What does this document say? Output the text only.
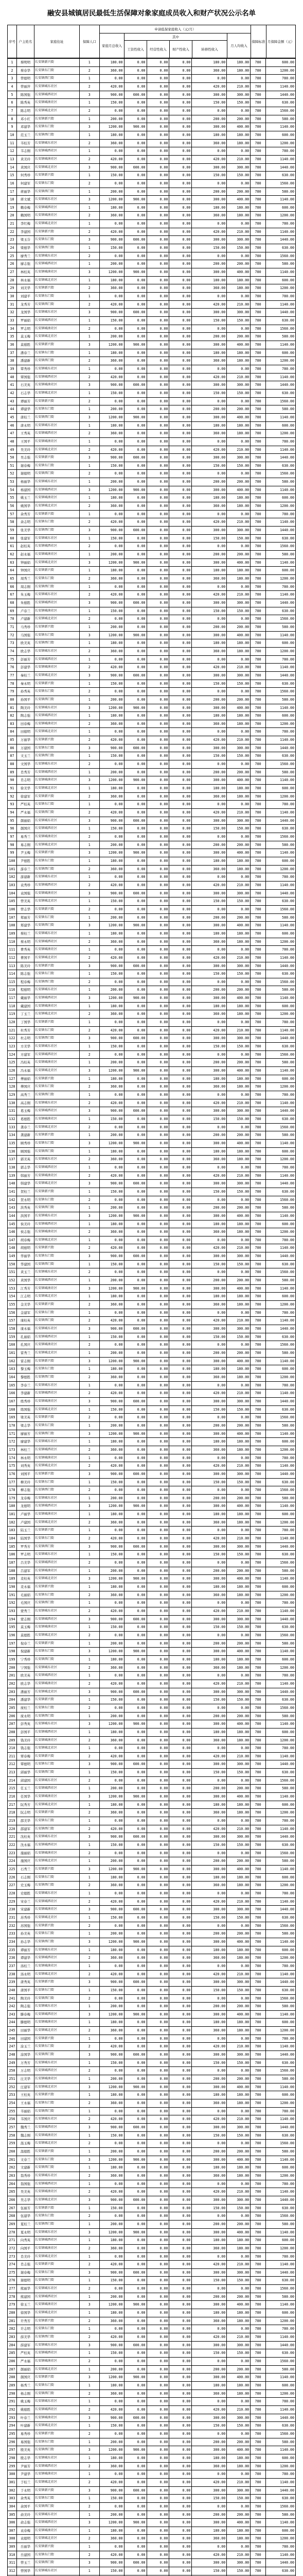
融安县城镇居民最低生活保障对象家庭成员收入和财产状况公示名单
序号	户主姓名	家庭住址	保障人口
申请低保家庭收入（元/月）
家庭月总收入
其中
工资性收入	经营性收入	财产性收入	转移性收入
月人均收入
保障标准 月保障金额（元）
1	蔡明明	长安镇新兴街	1	180.00	0.00	0.00	0.00	180.00	180.00	780	600.00
2	蔡春华	长安镇东门街	2	360.00	0.00	0.00	0.00	360.00	180.00	780	1200.00
3	曾德明	长安镇西门街	1	0.00	0.00	0.00	0.00	0.00	0.00	780	780.00
4	曾丽萍	长安镇城东社区	2	420.00	0.00	0.00	0.00	420.00	210.00	780	1140.00
5	陈国强	长安镇城西社区	3	900.00	600.00	0.00	0.00	300.00	300.00	780	1440.00
6	陈秀英	长安镇城南社区	1	150.00	0.00	0.00	0.00	150.00	150.00	780	630.00
7	陈志明	长安镇城北社区	2	0.00	0.00	0.00	0.00	0.00	0.00	780	1560.00
8	邓小红	长安镇新兴街	1	200.00	0.00	0.00	0.00	200.00	200.00	780	580.00
9	邓建华	长安镇东门街	3	1200.00	900.00	0.00	0.00	300.00	400.00	780	1140.00
10	范玉兰	长安镇西门街	1	180.00	0.00	0.00	0.00	180.00	180.00	780	600.00
11	韦桂芳	长安镇城东社区	2	360.00	0.00	0.00	0.00	360.00	180.00	780	1200.00
12	韦志刚	长安镇城西社区	1	0.00	0.00	0.00	0.00	0.00	0.00	780	780.00
13	黄美玲	长安镇城南社区	2	420.00	0.00	0.00	0.00	420.00	210.00	780	1140.00
14	黄国庆	长安镇城北社区	3	900.00	600.00	0.00	0.00	300.00	300.00	780	1440.00
15	何秀珍	长安镇新兴街	1	150.00	0.00	0.00	0.00	150.00	150.00	780	630.00
16	何建军	长安镇东门街	2	0.00	0.00	0.00	0.00	0.00	0.00	780	1560.00
17	蒋丽华	长安镇西门街	1	200.00	0.00	0.00	0.00	200.00	200.00	780	580.00
18	蒋文斌	长安镇城东社区	3	1200.00	900.00	0.00	0.00	300.00	400.00	780	1140.00
19	赖春梅	长安镇城西社区	1	180.00	0.00	0.00	0.00	180.00	180.00	780	600.00
20	赖国明	长安镇城南社区	2	360.00	0.00	0.00	0.00	360.00	180.00	780	1200.00
21	李红梅	长安镇城北社区	1	0.00	0.00	0.00	0.00	0.00	0.00	780	780.00
22	李建国	长安镇新兴街	2	420.00	0.00	0.00	0.00	420.00	210.00	780	1140.00
23	梁玉芬	长安镇东门街	3	900.00	600.00	0.00	0.00	300.00	300.00	780	1440.00
24	梁德华	长安镇西门街	1	150.00	0.00	0.00	0.00	150.00	150.00	780	630.00
25	廖秀兰	长安镇城东社区	2	0.00	0.00	0.00	0.00	0.00	0.00	780	1560.00
26	廖志强	长安镇城西社区	1	200.00	0.00	0.00	0.00	200.00	200.00	780	580.00
27	林桂英	长安镇城南社区	3	1200.00	900.00	0.00	0.00	300.00	400.00	780	1140.00
28	林永福	长安镇城北社区	1	180.00	0.00	0.00	0.00	180.00	180.00	780	600.00
29	刘美华	长安镇新兴街	2	360.00	0.00	0.00	0.00	360.00	180.00	780	1200.00
30	刘建平	长安镇东门街	1	0.00	0.00	0.00	0.00	0.00	0.00	780	780.00
31	龙秀芳	长安镇西门街	2	420.00	0.00	0.00	0.00	420.00	210.00	780	1140.00
32	龙国华	长安镇城东社区	3	900.00	600.00	0.00	0.00	300.00	300.00	780	1440.00
33	罗丽娟	长安镇城西社区	1	150.00	0.00	0.00	0.00	150.00	150.00	780	630.00
34	罗志明	长安镇城南社区	2	0.00	0.00	0.00	0.00	0.00	0.00	780	1560.00
35	莫玉梅	长安镇城北社区	1	200.00	0.00	0.00	0.00	200.00	200.00	780	580.00
36	莫德胜	长安镇新兴街	3	1200.00	900.00	0.00	0.00	300.00	400.00	780	1140.00
37	潘春兰	长安镇东门街	1	180.00	0.00	0.00	0.00	180.00	180.00	780	600.00
38	潘建新	长安镇西门街	2	360.00	0.00	0.00	0.00	360.00	180.00	780	1200.00
39	覃秀珍	长安镇城东社区	1	0.00	0.00	0.00	0.00	0.00	0.00	780	780.00
40	覃国强	长安镇城西社区	2	420.00	0.00	0.00	0.00	420.00	210.00	780	1140.00
41	石美英	长安镇城南社区	3	900.00	600.00	0.00	0.00	300.00	300.00	780	1440.00
42	石志华	长安镇城北社区	1	150.00	0.00	0.00	0.00	150.00	150.00	780	630.00
43	谭丽芳	长安镇新兴街	2	0.00	0.00	0.00	0.00	0.00	0.00	780	1560.00
44	谭建华	长安镇东门街	1	200.00	0.00	0.00	0.00	200.00	200.00	780	580.00
45	唐桂兰	长安镇西门街	3	1200.00	900.00	0.00	0.00	300.00	400.00	780	1140.00
46	唐永明	长安镇城东社区	1	180.00	0.00	0.00	0.00	180.00	180.00	780	600.00
47	王秀英	长安镇城西社区	2	360.00	0.00	0.00	0.00	360.00	180.00	780	1200.00
48	王国平	长安镇城南社区	1	0.00	0.00	0.00	0.00	0.00	0.00	780	780.00
49	吴美玲	长安镇城北社区	2	420.00	0.00	0.00	0.00	420.00	210.00	780	1140.00
50	吴志强	长安镇新兴街	3	900.00	600.00	0.00	0.00	300.00	300.00	780	1440.00
51	谢春梅	长安镇东门街	1	150.00	0.00	0.00	0.00	150.00	150.00	780	630.00
52	谢德明	长安镇西门街	2	0.00	0.00	0.00	0.00	0.00	0.00	780	1560.00
53	杨丽华	长安镇城东社区	1	200.00	0.00	0.00	0.00	200.00	200.00	780	580.00
54	杨建国	长安镇城西社区	3	1200.00	900.00	0.00	0.00	300.00	400.00	780	1140.00
55	姚玉兰	长安镇城南社区	1	180.00	0.00	0.00	0.00	180.00	180.00	780	600.00
56	姚国华	长安镇城北社区	2	360.00	0.00	0.00	0.00	360.00	180.00	780	1200.00
57	余秀芳	长安镇新兴街	1	0.00	0.00	0.00	0.00	0.00	0.00	780	780.00
58	余志明	长安镇东门街	2	420.00	0.00	0.00	0.00	420.00	210.00	780	1140.00
59	张美华	长安镇西门街	3	900.00	600.00	0.00	0.00	300.00	300.00	780	1440.00
60	张建军	长安镇城东社区	1	150.00	0.00	0.00	0.00	150.00	150.00	780	630.00
61	赵桂英	长安镇城西社区	2	0.00	0.00	0.00	0.00	0.00	0.00	780	1560.00
62	赵永福	长安镇城南社区	1	200.00	0.00	0.00	0.00	200.00	200.00	780	580.00
63	钟丽娟	长安镇城北社区	3	1200.00	900.00	0.00	0.00	300.00	400.00	780	1140.00
64	钟国庆	长安镇新兴街	1	180.00	0.00	0.00	0.00	180.00	180.00	780	600.00
65	周秀兰	长安镇东门街	2	360.00	0.00	0.00	0.00	360.00	180.00	780	1200.00
66	周志刚	长安镇西门街	1	0.00	0.00	0.00	0.00	0.00	0.00	780	780.00
67	朱玉梅	长安镇城东社区	2	420.00	0.00	0.00	0.00	420.00	210.00	780	1140.00
68	朱德胜	长安镇城西社区	3	900.00	600.00	0.00	0.00	300.00	300.00	780	1440.00
69	卢春兰	长安镇城南社区	1	150.00	0.00	0.00	0.00	150.00	150.00	780	630.00
70	卢建新	长安镇城北社区	2	0.00	0.00	0.00	0.00	0.00	0.00	780	1560.00
71	马秀珍	长安镇新兴街	1	200.00	0.00	0.00	0.00	200.00	200.00	780	580.00
72	马国强	长安镇东门街	3	1200.00	900.00	0.00	0.00	300.00	400.00	780	1140.00
73	欧美英	长安镇西门街	1	180.00	0.00	0.00	0.00	180.00	180.00	780	600.00
74	欧志华	长安镇城东社区	2	360.00	0.00	0.00	0.00	360.00	180.00	780	1200.00
75	彭丽芳	长安镇城西社区	1	0.00	0.00	0.00	0.00	0.00	0.00	780	780.00
76	彭建华	长安镇城南社区	2	420.00	0.00	0.00	0.00	420.00	210.00	780	1140.00
77	秦桂兰	长安镇城北社区	3	900.00	600.00	0.00	0.00	300.00	300.00	780	1440.00
78	秦永明	长安镇新兴街	1	150.00	0.00	0.00	0.00	150.00	150.00	780	630.00
79	孙秀英	长安镇东门街	2	0.00	0.00	0.00	0.00	0.00	0.00	780	1560.00
80	孙国平	长安镇西门街	1	200.00	0.00	0.00	0.00	200.00	200.00	780	580.00
81	陶美玲	长安镇城东社区	3	1200.00	900.00	0.00	0.00	300.00	400.00	780	1140.00
82	陶志强	长安镇城西社区	1	180.00	0.00	0.00	0.00	180.00	180.00	780	600.00
83	田春梅	长安镇城南社区	2	360.00	0.00	0.00	0.00	360.00	180.00	780	1200.00
84	田德明	长安镇城北社区	1	0.00	0.00	0.00	0.00	0.00	0.00	780	780.00
85	万丽华	长安镇新兴街	2	420.00	0.00	0.00	0.00	420.00	210.00	780	1140.00
86	万建国	长安镇东门街	3	900.00	600.00	0.00	0.00	300.00	300.00	780	1440.00
87	文玉兰	长安镇西门街	1	150.00	0.00	0.00	0.00	150.00	150.00	780	630.00
88	文国华	长安镇城东社区	2	0.00	0.00	0.00	0.00	0.00	0.00	780	1560.00
89	肖秀芳	长安镇城西社区	1	200.00	0.00	0.00	0.00	200.00	200.00	780	580.00
90	肖志明	长安镇城南社区	3	1200.00	900.00	0.00	0.00	300.00	400.00	780	1140.00
91	徐美华	长安镇城北社区	1	180.00	0.00	0.00	0.00	180.00	180.00	780	600.00
92	徐建军	长安镇新兴街	2	360.00	0.00	0.00	0.00	360.00	180.00	780	1200.00
93	严桂英	长安镇东门街	1	0.00	0.00	0.00	0.00	0.00	0.00	780	780.00
94	严永福	长安镇西门街	2	420.00	0.00	0.00	0.00	420.00	210.00	780	1140.00
95	颜丽娟	长安镇城东社区	3	900.00	600.00	0.00	0.00	300.00	300.00	780	1440.00
96	颜国庆	长安镇城西社区	1	150.00	0.00	0.00	0.00	150.00	150.00	780	630.00
97	易秀兰	长安镇城南社区	2	0.00	0.00	0.00	0.00	0.00	0.00	780	1560.00
98	易志刚	长安镇城北社区	1	200.00	0.00	0.00	0.00	200.00	200.00	780	580.00
99	尹玉梅	长安镇新兴街	3	1200.00	900.00	0.00	0.00	300.00	400.00	780	1140.00
100	尹德胜	长安镇东门街	1	180.00	0.00	0.00	0.00	180.00	180.00	780	600.00
101	游春兰	长安镇西门街	2	360.00	0.00	0.00	0.00	360.00	180.00	780	1200.00
102	游建新	长安镇城东社区	1	0.00	0.00	0.00	0.00	0.00	0.00	780	780.00
103	袁秀珍	长安镇城西社区	2	420.00	0.00	0.00	0.00	420.00	210.00	780	1140.00
104	袁国强	长安镇城南社区	3	900.00	600.00	0.00	0.00	300.00	300.00	780	1440.00
105	曾美英	长安镇城北社区	1	150.00	0.00	0.00	0.00	150.00	150.00	780	630.00
106	曾志华	长安镇新兴街	2	0.00	0.00	0.00	0.00	0.00	0.00	780	1560.00
107	郑丽芳	长安镇东门街	1	200.00	0.00	0.00	0.00	200.00	200.00	780	580.00
108	郑建华	长安镇西门街	3	1200.00	900.00	0.00	0.00	300.00	400.00	780	1140.00
109	蔡桂兰	长安镇城东社区	1	180.00	0.00	0.00	0.00	180.00	180.00	780	600.00
110	蔡永明	长安镇城西社区	2	360.00	0.00	0.00	0.00	360.00	180.00	780	1200.00
111	曹秀英	长安镇城南社区	1	0.00	0.00	0.00	0.00	0.00	0.00	780	780.00
112	曹国平	长安镇城北社区	2	420.00	0.00	0.00	0.00	420.00	210.00	780	1140.00
113	陈美玲	长安镇新兴街	3	900.00	600.00	0.00	0.00	300.00	300.00	780	1440.00
114	陈志强	长安镇东门街	1	150.00	0.00	0.00	0.00	150.00	150.00	780	630.00
115	程春梅	长安镇西门街	2	0.00	0.00	0.00	0.00	0.00	0.00	780	1560.00
116	程德明	长安镇城东社区	1	200.00	0.00	0.00	0.00	200.00	200.00	780	580.00
117	戴丽华	长安镇城西社区	3	1200.00	900.00	0.00	0.00	300.00	400.00	780	1140.00
118	戴建国	长安镇城南社区	1	180.00	0.00	0.00	0.00	180.00	180.00	780	600.00
119	丁玉兰	长安镇城北社区	2	360.00	0.00	0.00	0.00	360.00	180.00	780	1200.00
120	丁国华	长安镇新兴街	1	0.00	0.00	0.00	0.00	0.00	0.00	780	780.00
121	杜秀芳	长安镇东门街	2	420.00	0.00	0.00	0.00	420.00	210.00	780	1140.00
122	杜志明	长安镇西门街	3	900.00	600.00	0.00	0.00	300.00	300.00	780	1440.00
123	方美华	长安镇城东社区	1	150.00	0.00	0.00	0.00	150.00	150.00	780	630.00
124	方建军	长安镇城西社区	2	0.00	0.00	0.00	0.00	0.00	0.00	780	1560.00
125	冯桂英	长安镇城南社区	1	200.00	0.00	0.00	0.00	200.00	200.00	780	580.00
126	冯永福	长安镇城北社区	3	1200.00	900.00	0.00	0.00	300.00	400.00	780	1140.00
127	傅丽娟	长安镇新兴街	1	180.00	0.00	0.00	0.00	180.00	180.00	780	600.00
128	傅国庆	长安镇东门街	2	360.00	0.00	0.00	0.00	360.00	180.00	780	1200.00
129	高秀兰	长安镇西门街	1	0.00	0.00	0.00	0.00	0.00	0.00	780	780.00
130	高志刚	长安镇城东社区	2	420.00	0.00	0.00	0.00	420.00	210.00	780	1140.00
131	葛玉梅	长安镇城西社区	3	900.00	600.00	0.00	0.00	300.00	300.00	780	1440.00
132	葛德胜	长安镇城南社区	1	150.00	0.00	0.00	0.00	150.00	150.00	780	630.00
133	龚春兰	长安镇城北社区	2	0.00	0.00	0.00	0.00	0.00	0.00	780	1560.00
134	龚建新	长安镇新兴街	1	200.00	0.00	0.00	0.00	200.00	200.00	780	580.00
135	顾秀珍	长安镇东门街	3	1200.00	900.00	0.00	0.00	300.00	400.00	780	1140.00
136	顾国强	长安镇西门街	1	180.00	0.00	0.00	0.00	180.00	180.00	780	600.00
137	郭美英	长安镇城东社区	2	360.00	0.00	0.00	0.00	360.00	180.00	780	1200.00
138	郭志华	长安镇城西社区	1	0.00	0.00	0.00	0.00	0.00	0.00	780	780.00
139	韩丽芳	长安镇城南社区	2	420.00	0.00	0.00	0.00	420.00	210.00	780	1140.00
140	韩建华	长安镇城北社区	3	900.00	600.00	0.00	0.00	300.00	300.00	780	1440.00
141	贺桂兰	长安镇新兴街	1	150.00	0.00	0.00	0.00	150.00	150.00	780	630.00
142	贺永明	长安镇东门街	2	0.00	0.00	0.00	0.00	0.00	0.00	780	1560.00
143	洪秀英	长安镇西门街	1	200.00	0.00	0.00	0.00	200.00	200.00	780	580.00
144	洪国平	长安镇城东社区	3	1200.00	900.00	0.00	0.00	300.00	400.00	780	1140.00
145	侯美玲	长安镇城西社区	1	180.00	0.00	0.00	0.00	180.00	180.00	780	600.00
146	侯志强	长安镇城南社区	2	360.00	0.00	0.00	0.00	360.00	180.00	780	1200.00
147	胡春梅	长安镇城北社区	1	0.00	0.00	0.00	0.00	0.00	0.00	780	780.00
148	胡德明	长安镇新兴街	2	420.00	0.00	0.00	0.00	420.00	210.00	780	1140.00
149	华丽华	长安镇东门街	3	900.00	600.00	0.00	0.00	300.00	300.00	780	1440.00
150	华建国	长安镇西门街	1	150.00	0.00	0.00	0.00	150.00	150.00	780	630.00
151	黄玉兰	长安镇城东社区	2	0.00	0.00	0.00	0.00	0.00	0.00	780	1560.00
152	黄国华	长安镇城西社区	1	200.00	0.00	0.00	0.00	200.00	200.00	780	580.00
153	江秀芳	长安镇城南社区	3	1200.00	900.00	0.00	0.00	300.00	400.00	780	1140.00
154	江志明	长安镇城北社区	1	180.00	0.00	0.00	0.00	180.00	180.00	780	600.00
155	金美华	长安镇新兴街	2	360.00	0.00	0.00	0.00	360.00	180.00	780	1200.00
156	金建军	长安镇东门街	1	0.00	0.00	0.00	0.00	0.00	0.00	780	780.00
157	康桂英	长安镇西门街	2	420.00	0.00	0.00	0.00	420.00	210.00	780	1140.00
158	康永福	长安镇城东社区	3	900.00	600.00	0.00	0.00	300.00	300.00	780	1440.00
159	孔丽娟	长安镇城西社区	1	150.00	0.00	0.00	0.00	150.00	150.00	780	630.00
160	孔国庆	长安镇城南社区	2	0.00	0.00	0.00	0.00	0.00	0.00	780	1560.00
161	雷秀兰	长安镇城北社区	1	200.00	0.00	0.00	0.00	200.00	200.00	780	580.00
162	雷志刚	长安镇新兴街	3	1200.00	900.00	0.00	0.00	300.00	400.00	780	1140.00
163	黎玉梅	长安镇东门街	1	180.00	0.00	0.00	0.00	180.00	180.00	780	600.00
164	黎德胜	长安镇西门街	2	360.00	0.00	0.00	0.00	360.00	180.00	780	1200.00
165	李春兰	长安镇城东社区	1	0.00	0.00	0.00	0.00	0.00	0.00	780	780.00
166	李建新	长安镇城西社区	2	420.00	0.00	0.00	0.00	420.00	210.00	780	1140.00
167	练秀珍	长安镇城南社区	3	900.00	600.00	0.00	0.00	300.00	300.00	780	1440.00
168	练国强	长安镇城北社区	1	150.00	0.00	0.00	0.00	150.00	150.00	780	630.00
169	梁美英	长安镇新兴街	2	0.00	0.00	0.00	0.00	0.00	0.00	780	1560.00
170	梁志华	长安镇东门街	1	200.00	0.00	0.00	0.00	200.00	200.00	780	580.00
171	廖丽芳	长安镇西门街	3	1200.00	900.00	0.00	0.00	300.00	400.00	780	1140.00
172	廖建华	长安镇城东社区	1	180.00	0.00	0.00	0.00	180.00	180.00	780	600.00
173	林桂兰	长安镇城西社区	2	360.00	0.00	0.00	0.00	360.00	180.00	780	1200.00
174	林永明	长安镇城南社区	1	0.00	0.00	0.00	0.00	0.00	0.00	780	780.00
175	刘秀英	长安镇城北社区	2	420.00	0.00	0.00	0.00	420.00	210.00	780	1140.00
176	刘国平	长安镇新兴街	3	900.00	600.00	0.00	0.00	300.00	300.00	780	1440.00
177	柳美玲	长安镇东门街	1	150.00	0.00	0.00	0.00	150.00	150.00	780	630.00
178	柳志强	长安镇西门街	2	0.00	0.00	0.00	0.00	0.00	0.00	780	1560.00
179	龙春梅	长安镇城东社区	1	200.00	0.00	0.00	0.00	200.00	200.00	780	580.00
180	龙德明	长安镇城西社区	3	1200.00	900.00	0.00	0.00	300.00	400.00	780	1140.00
181	卢丽华	长安镇城南社区	1	180.00	0.00	0.00	0.00	180.00	180.00	780	600.00
182	卢建国	长安镇城北社区	2	360.00	0.00	0.00	0.00	360.00	180.00	780	1200.00
183	陆玉兰	长安镇新兴街	1	0.00	0.00	0.00	0.00	0.00	0.00	780	780.00
184	陆国华	长安镇东门街	2	420.00	0.00	0.00	0.00	420.00	210.00	780	1140.00
185	罗秀芳	长安镇西门街	3	900.00	600.00	0.00	0.00	300.00	300.00	780	1440.00
186	罗志明	长安镇城东社区	1	150.00	0.00	0.00	0.00	150.00	150.00	780	630.00
187	吕美华	长安镇城西社区	2	0.00	0.00	0.00	0.00	0.00	0.00	780	1560.00
188	吕建军	长安镇城南社区	1	200.00	0.00	0.00	0.00	200.00	200.00	780	580.00
189	麦桂英	长安镇城北社区	3	1200.00	900.00	0.00	0.00	300.00	400.00	780	1140.00
190	麦永福	长安镇新兴街	1	180.00	0.00	0.00	0.00	180.00	180.00	780	600.00
191	毛丽娟	长安镇东门街	2	360.00	0.00	0.00	0.00	360.00	180.00	780	1200.00
192	毛国庆	长安镇西门街	1	0.00	0.00	0.00	0.00	0.00	0.00	780	780.00
193	蒙秀兰	长安镇城东社区	2	420.00	0.00	0.00	0.00	420.00	210.00	780	1140.00
194	蒙志刚	长安镇城西社区	3	900.00	600.00	0.00	0.00	300.00	300.00	780	1440.00
195	莫玉梅	长安镇城南社区	1	150.00	0.00	0.00	0.00	150.00	150.00	780	630.00
196	莫德胜	长安镇城北社区	2	0.00	0.00	0.00	0.00	0.00	0.00	780	1560.00
197	倪春兰	长安镇新兴街	1	200.00	0.00	0.00	0.00	200.00	200.00	780	580.00
198	倪建新	长安镇东门街	3	1200.00	900.00	0.00	0.00	300.00	400.00	780	1140.00
199	宁秀珍	长安镇西门街	1	180.00	0.00	0.00	0.00	180.00	180.00	780	600.00
200	宁国强	长安镇城东社区	2	360.00	0.00	0.00	0.00	360.00	180.00	780	1200.00
201	欧美英	长安镇城西社区	1	0.00	0.00	0.00	0.00	0.00	0.00	780	780.00
202	欧志华	长安镇城南社区	2	420.00	0.00	0.00	0.00	420.00	210.00	780	1140.00
203	潘丽芳	长安镇城北社区	3	900.00	600.00	0.00	0.00	300.00	300.00	780	1440.00
204	潘建华	长安镇新兴街	1	150.00	0.00	0.00	0.00	150.00	150.00	780	630.00
205	庞桂兰	长安镇东门街	2	0.00	0.00	0.00	0.00	0.00	0.00	780	1560.00
206	庞永明	长安镇西门街	1	200.00	0.00	0.00	0.00	200.00	200.00	780	580.00
207	彭秀英	长安镇城东社区	3	1200.00	900.00	0.00	0.00	300.00	400.00	780	1140.00
208	彭国平	长安镇城西社区	1	180.00	0.00	0.00	0.00	180.00	180.00	780	600.00
209	钱美玲	长安镇城南社区	2	360.00	0.00	0.00	0.00	360.00	180.00	780	1200.00
210	钱志强	长安镇城北社区	1	0.00	0.00	0.00	0.00	0.00	0.00	780	780.00
211	覃春梅	长安镇新兴街	2	420.00	0.00	0.00	0.00	420.00	210.00	780	1140.00
212	覃德明	长安镇东门街	3	900.00	600.00	0.00	0.00	300.00	300.00	780	1440.00
213	邱丽华	长安镇西门街	1	150.00	0.00	0.00	0.00	150.00	150.00	780	630.00
214	邱建国	长安镇城东社区	2	0.00	0.00	0.00	0.00	0.00	0.00	780	1560.00
215	任玉兰	长安镇城西社区	1	200.00	0.00	0.00	0.00	200.00	200.00	780	580.00
216	任国华	长安镇城南社区	3	1200.00	900.00	0.00	0.00	300.00	400.00	780	1140.00
217	阮秀芳	长安镇城北社区	1	180.00	0.00	0.00	0.00	180.00	180.00	780	600.00
218	阮志明	长安镇新兴街	2	360.00	0.00	0.00	0.00	360.00	180.00	780	1200.00
219	邵美华	长安镇东门街	1	0.00	0.00	0.00	0.00	0.00	0.00	780	780.00
220	邵建军	长安镇西门街	2	420.00	0.00	0.00	0.00	420.00	210.00	780	1140.00
221	沈桂英	长安镇城东社区	3	900.00	600.00	0.00	0.00	300.00	300.00	780	1440.00
222	沈永福	长安镇城西社区	1	150.00	0.00	0.00	0.00	150.00	150.00	780	630.00
223	施丽娟	长安镇城南社区	2	0.00	0.00	0.00	0.00	0.00	0.00	780	1560.00
224	施国庆	长安镇城北社区	1	200.00	0.00	0.00	0.00	200.00	200.00	780	580.00
225	石秀兰	长安镇新兴街	3	1200.00	900.00	0.00	0.00	300.00	400.00	780	1140.00
226	石志刚	长安镇东门街	1	180.00	0.00	0.00	0.00	180.00	180.00	780	600.00
227	史玉梅	长安镇西门街	2	360.00	0.00	0.00	0.00	360.00	180.00	780	1200.00
228	史德胜	长安镇城东社区	1	0.00	0.00	0.00	0.00	0.00	0.00	780	780.00
229	宋春兰	长安镇城西社区	2	420.00	0.00	0.00	0.00	420.00	210.00	780	1140.00
230	宋建新	长安镇城南社区	3	900.00	600.00	0.00	0.00	300.00	300.00	780	1440.00
231	苏秀珍	长安镇城北社区	1	150.00	0.00	0.00	0.00	150.00	150.00	780	630.00
232	苏国强	长安镇新兴街	2	0.00	0.00	0.00	0.00	0.00	0.00	780	1560.00
233	孙美英	长安镇东门街	1	200.00	0.00	0.00	0.00	200.00	200.00	780	580.00
234	孙志华	长安镇西门街	3	1200.00	900.00	0.00	0.00	300.00	400.00	780	1140.00
235	谭丽芳	长安镇城东社区	1	180.00	0.00	0.00	0.00	180.00	180.00	780	600.00
236	谭建华	长安镇城西社区	2	360.00	0.00	0.00	0.00	360.00	180.00	780	1200.00
237	汤桂兰	长安镇城南社区	1	0.00	0.00	0.00	0.00	0.00	0.00	780	780.00
238	汤永明	长安镇城北社区	2	420.00	0.00	0.00	0.00	420.00	210.00	780	1140.00
239	唐秀英	长安镇新兴街	3	900.00	600.00	0.00	0.00	300.00	300.00	780	1440.00
240	唐国平	长安镇东门街	1	150.00	0.00	0.00	0.00	150.00	150.00	780	630.00
241	陶美玲	长安镇西门街	2	0.00	0.00	0.00	0.00	0.00	0.00	780	1560.00
242	陶志强	长安镇城东社区	1	200.00	0.00	0.00	0.00	200.00	200.00	780	580.00
243	滕春梅	长安镇城西社区	3	1200.00	900.00	0.00	0.00	300.00	400.00	780	1140.00
244	滕德明	长安镇城南社区	1	180.00	0.00	0.00	0.00	180.00	180.00	780	600.00
245	田丽华	长安镇城北社区	2	360.00	0.00	0.00	0.00	360.00	180.00	780	1200.00
246	田建国	长安镇新兴街	1	0.00	0.00	0.00	0.00	0.00	0.00	780	780.00
247	涂玉兰	长安镇东门街	2	420.00	0.00	0.00	0.00	420.00	210.00	780	1140.00
248	涂国华	长安镇西门街	3	900.00	600.00	0.00	0.00	300.00	300.00	780	1440.00
249	万秀芳	长安镇城东社区	1	150.00	0.00	0.00	0.00	150.00	150.00	780	630.00
250	万志明	长安镇城西社区	2	0.00	0.00	0.00	0.00	0.00	0.00	780	1560.00
251	汪美华	长安镇城南社区	1	200.00	0.00	0.00	0.00	200.00	200.00	780	580.00
252	汪建军	长安镇城北社区	3	1200.00	900.00	0.00	0.00	300.00	400.00	780	1140.00
253	王桂英	长安镇新兴街	1	180.00	0.00	0.00	0.00	180.00	180.00	780	600.00
254	王永福	长安镇东门街	2	360.00	0.00	0.00	0.00	360.00	180.00	780	1200.00
255	韦丽娟	长安镇西门街	1	0.00	0.00	0.00	0.00	0.00	0.00	780	780.00
256	韦国庆	长安镇城东社区	2	420.00	0.00	0.00	0.00	420.00	210.00	780	1140.00
257	魏秀兰	长安镇城西社区	3	900.00	600.00	0.00	0.00	300.00	300.00	780	1440.00
258	魏志刚	长安镇城南社区	1	150.00	0.00	0.00	0.00	150.00	150.00	780	630.00
259	温玉梅	长安镇城北社区	2	0.00	0.00	0.00	0.00	0.00	0.00	780	1560.00
260	温德胜	长安镇新兴街	1	200.00	0.00	0.00	0.00	200.00	200.00	780	580.00
261	文春兰	长安镇东门街	3	1200.00	900.00	0.00	0.00	300.00	400.00	780	1140.00
262	文建新	长安镇西门街	1	180.00	0.00	0.00	0.00	180.00	180.00	780	600.00
263	翁秀珍	长安镇城东社区	2	360.00	0.00	0.00	0.00	360.00	180.00	780	1200.00
264	翁国强	长安镇城西社区	1	0.00	0.00	0.00	0.00	0.00	0.00	780	780.00
265	吴美英	长安镇城南社区	2	420.00	0.00	0.00	0.00	420.00	210.00	780	1140.00
266	吴志华	长安镇城北社区	3	900.00	600.00	0.00	0.00	300.00	300.00	780	1440.00
267	伍丽芳	长安镇新兴街	1	150.00	0.00	0.00	0.00	150.00	150.00	780	630.00
268	伍建华	长安镇东门街	2	0.00	0.00	0.00	0.00	0.00	0.00	780	1560.00
269	夏桂兰	长安镇西门街	1	200.00	0.00	0.00	0.00	200.00	200.00	780	580.00
270	夏永明	长安镇城东社区	3	1200.00	900.00	0.00	0.00	300.00	400.00	780	1140.00
271	向秀英	长安镇城西社区	1	180.00	0.00	0.00	0.00	180.00	180.00	780	600.00
272	向国平	长安镇城南社区	2	360.00	0.00	0.00	0.00	360.00	180.00	780	1200.00
273	肖美玲	长安镇城北社区	1	0.00	0.00	0.00	0.00	0.00	0.00	780	780.00
274	肖志强	长安镇新兴街	2	420.00	0.00	0.00	0.00	420.00	210.00	780	1140.00
275	谢春梅	长安镇东门街	3	900.00	600.00	0.00	0.00	300.00	300.00	780	1440.00
276	谢德明	长安镇西门街	1	150.00	0.00	0.00	0.00	150.00	150.00	780	630.00
277	熊丽华	长安镇城东社区	2	0.00	0.00	0.00	0.00	0.00	0.00	780	1560.00
278	熊建国	长安镇城西社区	1	200.00	0.00	0.00	0.00	200.00	200.00	780	580.00
279	徐玉兰	长安镇城南社区	3	1200.00	900.00	0.00	0.00	300.00	400.00	780	1140.00
280	徐国华	长安镇城北社区	1	180.00	0.00	0.00	0.00	180.00	180.00	780	600.00
281	许秀芳	长安镇新兴街	2	360.00	0.00	0.00	0.00	360.00	180.00	780	1200.00
282	许志明	长安镇东门街	1	0.00	0.00	0.00	0.00	0.00	0.00	780	780.00
283	薛美华	长安镇西门街	2	420.00	0.00	0.00	0.00	420.00	210.00	780	1140.00
284	薛建军	长安镇城东社区	3	900.00	600.00	0.00	0.00	300.00	300.00	780	1440.00
285	严桂英	长安镇城西社区	1	150.00	0.00	0.00	0.00	150.00	150.00	780	630.00
286	严永福	长安镇城南社区	2	0.00	0.00	0.00	0.00	0.00	0.00	780	1560.00
287	颜丽娟	长安镇城北社区	1	200.00	0.00	0.00	0.00	200.00	200.00	780	580.00
288	颜国庆	长安镇新兴街	3	1200.00	900.00	0.00	0.00	300.00	400.00	780	1140.00
289	杨秀兰	长安镇东门街	1	180.00	0.00	0.00	0.00	180.00	180.00	780	600.00
290	杨志刚	长安镇西门街	2	360.00	0.00	0.00	0.00	360.00	180.00	780	1200.00
291	姚玉梅	长安镇城东社区	1	0.00	0.00	0.00	0.00	0.00	0.00	780	780.00
292	姚德胜	长安镇城西社区	2	420.00	0.00	0.00	0.00	420.00	210.00	780	1140.00
293	叶春兰	长安镇城南社区	3	900.00	600.00	0.00	0.00	300.00	300.00	780	1440.00
294	叶建新	长安镇城北社区	1	150.00	0.00	0.00	0.00	150.00	150.00	780	630.00
295	易秀珍	长安镇新兴街	2	0.00	0.00	0.00	0.00	0.00	0.00	780	1560.00
296	易国强	长安镇东门街	1	200.00	0.00	0.00	0.00	200.00	200.00	780	580.00
297	殷美英	长安镇西门街	3	1200.00	900.00	0.00	0.00	300.00	400.00	780	1140.00
298	殷志华	长安镇城东社区	1	180.00	0.00	0.00	0.00	180.00	180.00	780	600.00
299	尹丽芳	长安镇城西社区	2	360.00	0.00	0.00	0.00	360.00	180.00	780	1200.00
300	尹建华	长安镇城南社区	1	0.00	0.00	0.00	0.00	0.00	0.00	780	780.00
301	于桂兰	长安镇城北社区	2	420.00	0.00	0.00	0.00	420.00	210.00	780	1140.00
302	于永明	长安镇新兴街	3	900.00	600.00	0.00	0.00	300.00	300.00	780	1440.00
303	余秀英	长安镇东门街	1	150.00	0.00	0.00	0.00	150.00	150.00	780	630.00
304	余国平	长安镇西门街	2	0.00	0.00	0.00	0.00	0.00	0.00	780	1560.00
305	俞美玲	长安镇城东社区	1	200.00	0.00	0.00	0.00	200.00	200.00	780	580.00
306	俞志强	长安镇城西社区	3	1200.00	900.00	0.00	0.00	300.00	400.00	780	1140.00
307	袁春梅	长安镇城南社区	1	180.00	0.00	0.00	0.00	180.00	180.00	780	600.00
308	袁德明	长安镇城北社区	2	360.00	0.00	0.00	0.00	360.00	180.00	780	1200.00
309	岳丽华	长安镇新兴街	1	0.00	0.00	0.00	0.00	0.00	0.00	780	780.00
310	岳建国	长安镇东门街	2	420.00	0.00	0.00	0.00	420.00	210.00	780	1140.00
311	曾玉兰	长安镇西门街	3	900.00	600.00	0.00	0.00	300.00	300.00	780	1440.00
312	曾国华	长安镇城东社区	1	150.00	0.00	0.00	0.00	150.00	150.00	780	630.00
